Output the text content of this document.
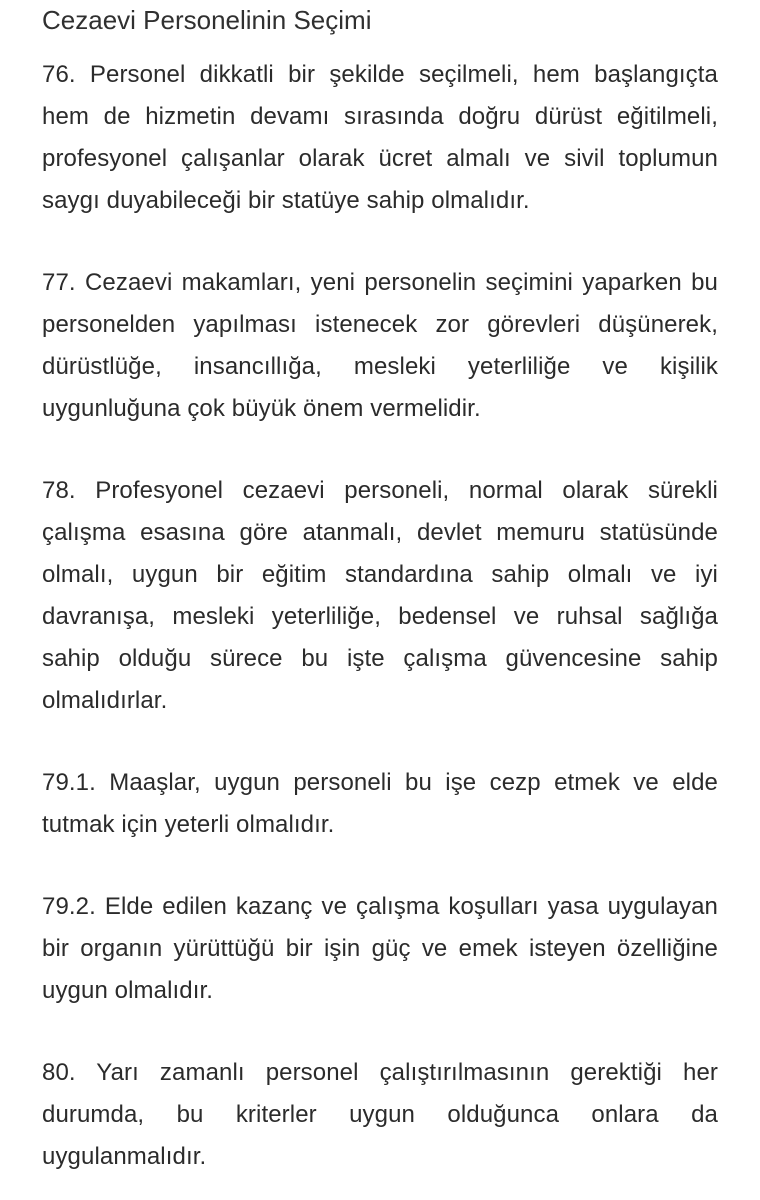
Cezaevi Personelinin Seçimi

76. Personel dikkatli bir şekilde seçilmeli, hem başlangıçta hem de hizmetin devamı sırasında doğru dürüst eğitilmeli, profesyonel çalışanlar olarak ücret almalı ve sivil toplumun saygı duyabileceği bir statüye sahip olmalıdır.

77. Cezaevi makamları, yeni personelin seçimini yaparken bu personelden yapılması istenecek zor görevleri düşünerek, dürüstlüğe, insancıllığa, mesleki yeterliliğe ve kişilik uygunluğuna çok büyük önem vermelidir.

78. Profesyonel cezaevi personeli, normal olarak sürekli çalışma esasına göre atanmalı, devlet memuru statüsünde olmalı, uygun bir eğitim standardına sahip olmalı ve iyi davranışa, mesleki yeterliliğe, bedensel ve ruhsal sağlığa sahip olduğu sürece bu işte çalışma güvencesine sahip olmalıdırlar.

79.1. Maaşlar, uygun personeli bu işe cezp etmek ve elde tutmak için yeterli olmalıdır.

79.2. Elde edilen kazanç ve çalışma koşulları yasa uygulayan bir organın yürüttüğü bir işin güç ve emek isteyen özelliğine uygun olmalıdır.

80. Yarı zamanlı personel çalıştırılmasının gerektiği her durumda, bu kriterler uygun olduğunca onlara da uygulanmalıdır.
